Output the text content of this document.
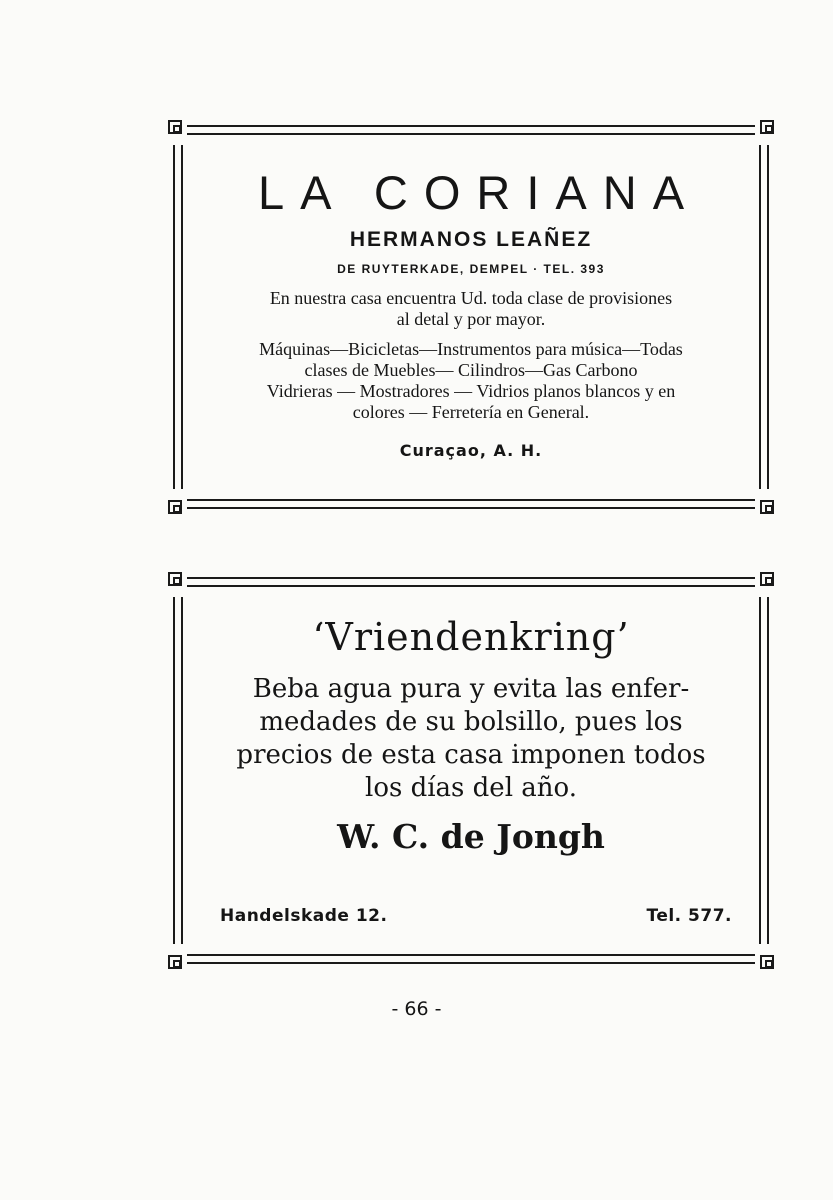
LA CORIANA
HERMANOS LEAÑEZ
DE RUYTERKADE, DEMPEL · TEL. 393
En nuestra casa encuentra Ud. toda clase de provisiones
al detal y por mayor.
Máquinas—Bicicletas—Instrumentos para música—Todas
clases de Muebles— Cilindros—Gas Carbono
Vidrieras — Mostradores — Vidrios planos blancos y en
colores — Ferretería en General.
Curaçao, A. H.
‘Vriendenkring’
Beba agua pura y evita las enfer-
medades de su bolsillo, pues los
precios de esta casa imponen todos
los días del año.
W. C. de Jongh
Handelskade 12.	Tel. 577.
- 66 -
